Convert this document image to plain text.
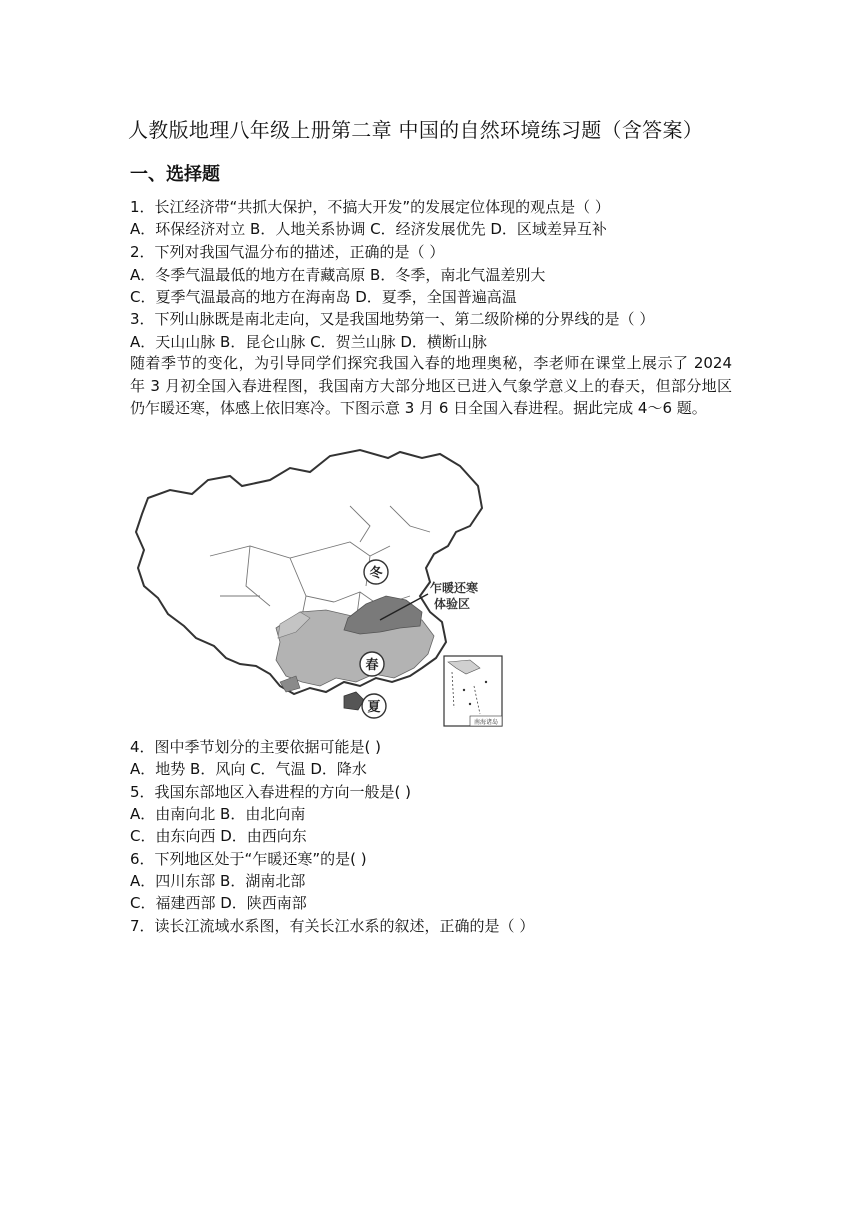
人教版地理八年级上册第二章 中国的自然环境练习题（含答案）
一、选择题
1．长江经济带“共抓大保护，不搞大开发”的发展定位体现的观点是（ ）
A．环保经济对立 B．人地关系协调 C．经济发展优先 D．区域差异互补
2．下列对我国气温分布的描述，正确的是（ ）
A．冬季气温最低的地方在青藏高原 B．冬季，南北气温差别大
C．夏季气温最高的地方在海南岛 D．夏季，全国普遍高温
3．下列山脉既是南北走向，又是我国地势第一、第二级阶梯的分界线的是（ ）
A．天山山脉 B．昆仑山脉 C．贺兰山脉 D．横断山脉
随着季节的变化，为引导同学们探究我国入春的地理奥秘，李老师在课堂上展示了 2024 年 3 月初全国入春进程图，我国南方大部分地区已进入气象学意义上的春天，但部分地区仍乍暖还寒，体感上依旧寒冷。下图示意 3 月 6 日全国入春进程。据此完成 4～6 题。
乍暖还寒
体验区
冬
春
夏
南海诸岛
4．图中季节划分的主要依据可能是( )
A．地势 B．风向 C．气温 D．降水
5．我国东部地区入春进程的方向一般是( )
A．由南向北 B．由北向南
C．由东向西 D．由西向东
6．下列地区处于“乍暖还寒”的是( )
A．四川东部 B．湖南北部
C．福建西部 D．陕西南部
7．读长江流域水系图，有关长江水系的叙述，正确的是（ ）
